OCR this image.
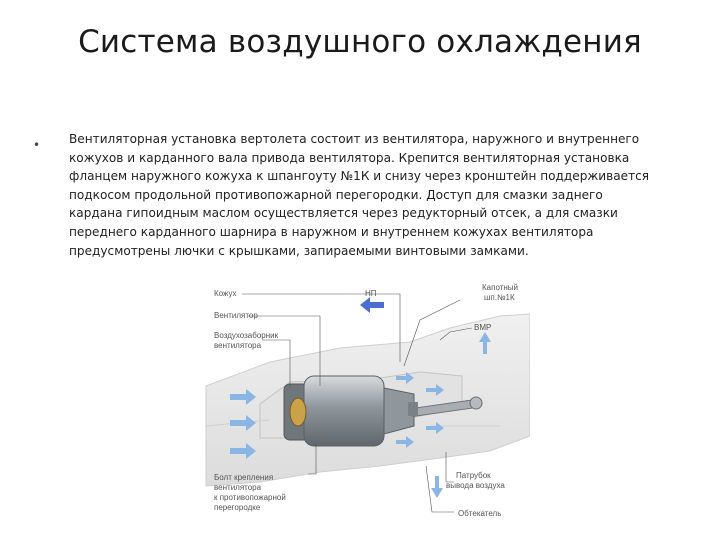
Система воздушного охлаждения
• Вентиляторная установка вертолета состоит из вентилятора, наружного и внутреннего
кожухов и карданного вала привода вентилятора. Крепится вентиляторная установка
фланцем наружного кожуха к шпангоуту №1К и снизу через кронштейн поддерживается
подкосом продольной противопожарной перегородки. Доступ для смазки заднего
кардана гипоидным маслом осуществляется через редукторный отсек, а для смазки
переднего карданного шарнира в наружном и внутреннем кожухах вентилятора
предусмотрены лючки с крышками, запираемыми винтовыми замками.
Кожух	НП
Капотный
шп.№1К
Вентилятор
ВМР
Воздухозаборник
вентилятора
Болт крепления
вентилятора
к противопожарной
перегородке
Патрубок
вывода воздуха
Обтекатель
